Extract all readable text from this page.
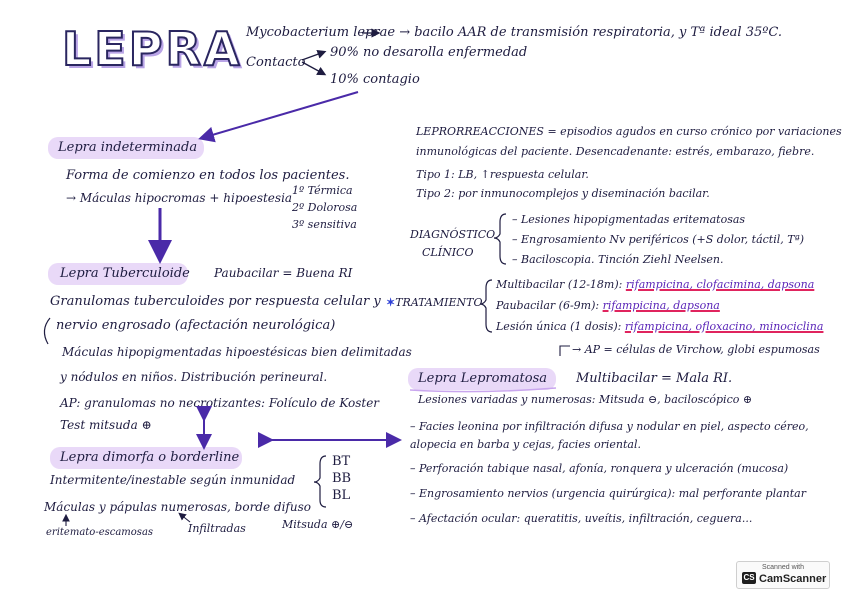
LEPRA Mycobacterium leprae → bacilo AAR de transmisión respiratoria, y Tª ideal 35ºC.
Contacto
90% no desarolla enfermedad
10% contagio
Lepra indeterminada
Forma de comienzo en todos los pacientes.
→ Máculas hipocromas + hipoestesia
1º Térmica
2º Dolorosa
3º sensitiva
Lepra Tuberculoide Paubacilar = Buena RI
Granulomas tuberculoides por respuesta celular y
nervio engrosado (afectación neurológica)
Máculas hipopigmentadas hipoestésicas bien delimitadas
y nódulos en niños. Distribución perineural.
AP: granulomas no necrotizantes: Folículo de Koster
Test mitsuda ⊕
Lepra dimorfa o borderline
Intermitente/inestable según inmunidad
BT
BB
BL
Máculas y pápulas numerosas, borde difuso
eritemato-escamosas	Infiltradas	Mitsuda ⊕/⊖
LEPRORREACCIONES = episodios agudos en curso crónico por variaciones
inmunológicas del paciente. Desencadenante: estrés, embarazo, fiebre.
Tipo 1: LB, ↑respuesta celular.
Tipo 2: por inmunocomplejos y diseminación bacilar.
DIAGNÓSTICO
CLÍNICO
– Lesiones hipopigmentadas eritematosas
– Engrosamiento Nv periféricos (+S dolor, táctil, Tª)
– Baciloscopia. Tinción Ziehl Neelsen.
✶TRATAMIENTO
Multibacilar (12-18m): rifampicina, clofacimina, dapsona
Paubacilar (6-9m): rifampicina, dapsona
Lesión única (1 dosis): rifampicina, ofloxacino, minociclina
→ AP = células de Virchow, globi espumosas
Lepra Lepromatosa Multibacilar = Mala RI.
Lesiones variadas y numerosas: Mitsuda ⊖, baciloscópico ⊕
– Facies leonina por infiltración difusa y nodular en piel, aspecto céreo,
alopecia en barba y cejas, facies oriental.
– Perforación tabique nasal, afonía, ronquera y ulceración (mucosa)
– Engrosamiento nervios (urgencia quirúrgica): mal perforante plantar
– Afectación ocular: queratitis, uveítis, infiltración, ceguera...
Scanned with
CS CamScanner
